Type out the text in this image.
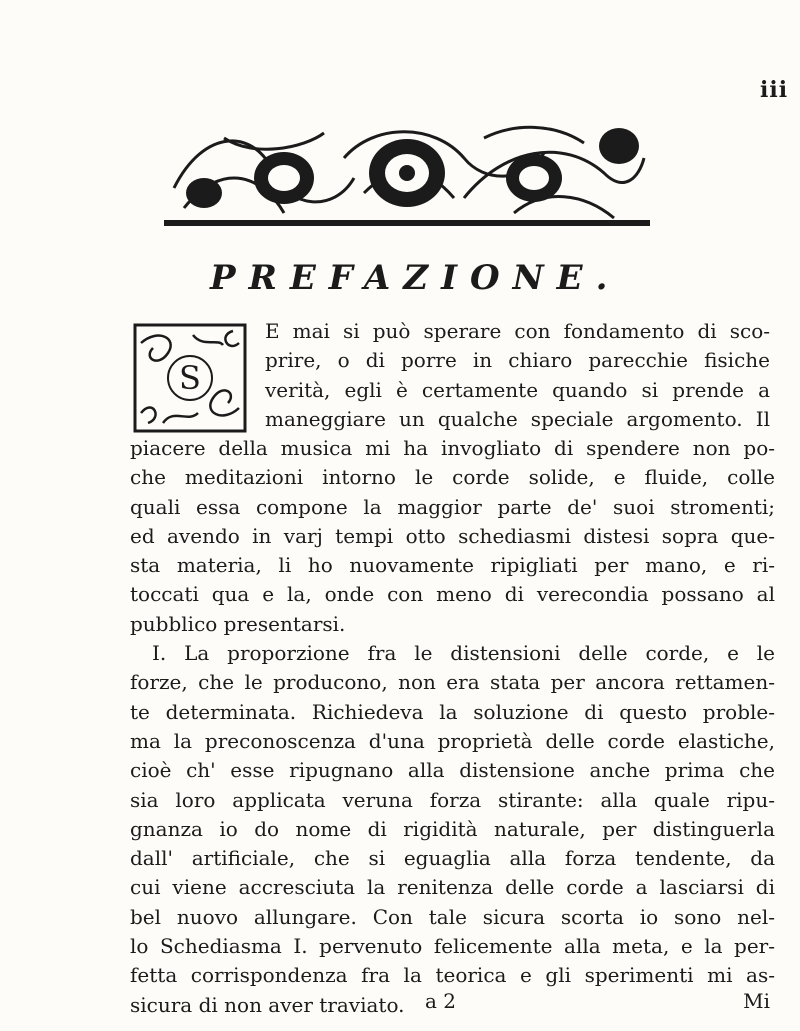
iii
PREFAZIONE.
S
E mai si può sperare con fondamento di sco-
prire, o di porre in chiaro parecchie fisiche
verità, egli è certamente quando si prende a
maneggiare un qualche speciale argomento. Il
piacere della musica mi ha invogliato di spendere non po-
che meditazioni intorno le corde solide, e fluide, colle
quali essa compone la maggior parte de' suoi stromenti;
ed avendo in varj tempi otto schediasmi distesi sopra que-
sta materia, li ho nuovamente ripigliati per mano, e ri-
toccati qua e la, onde con meno di verecondia possano al
pubblico presentarsi.
I. La proporzione fra le distensioni delle corde, e le
forze, che le producono, non era stata per ancora rettamen-
te determinata. Richiedeva la soluzione di questo proble-
ma la preconoscenza d'una proprietà delle corde elastiche,
cioè ch' esse ripugnano alla distensione anche prima che
sia loro applicata veruna forza stirante: alla quale ripu-
gnanza io do nome di rigidità naturale, per distinguerla
dall' artificiale, che si eguaglia alla forza tendente, da
cui viene accresciuta la renitenza delle corde a lasciarsi di
bel nuovo allungare. Con tale sicura scorta io sono nel-
lo Schediasma I. pervenuto felicemente alla meta, e la per-
fetta corrispondenza fra la teorica e gli sperimenti mi as-
sicura di non aver traviato.	a 2	Mi
